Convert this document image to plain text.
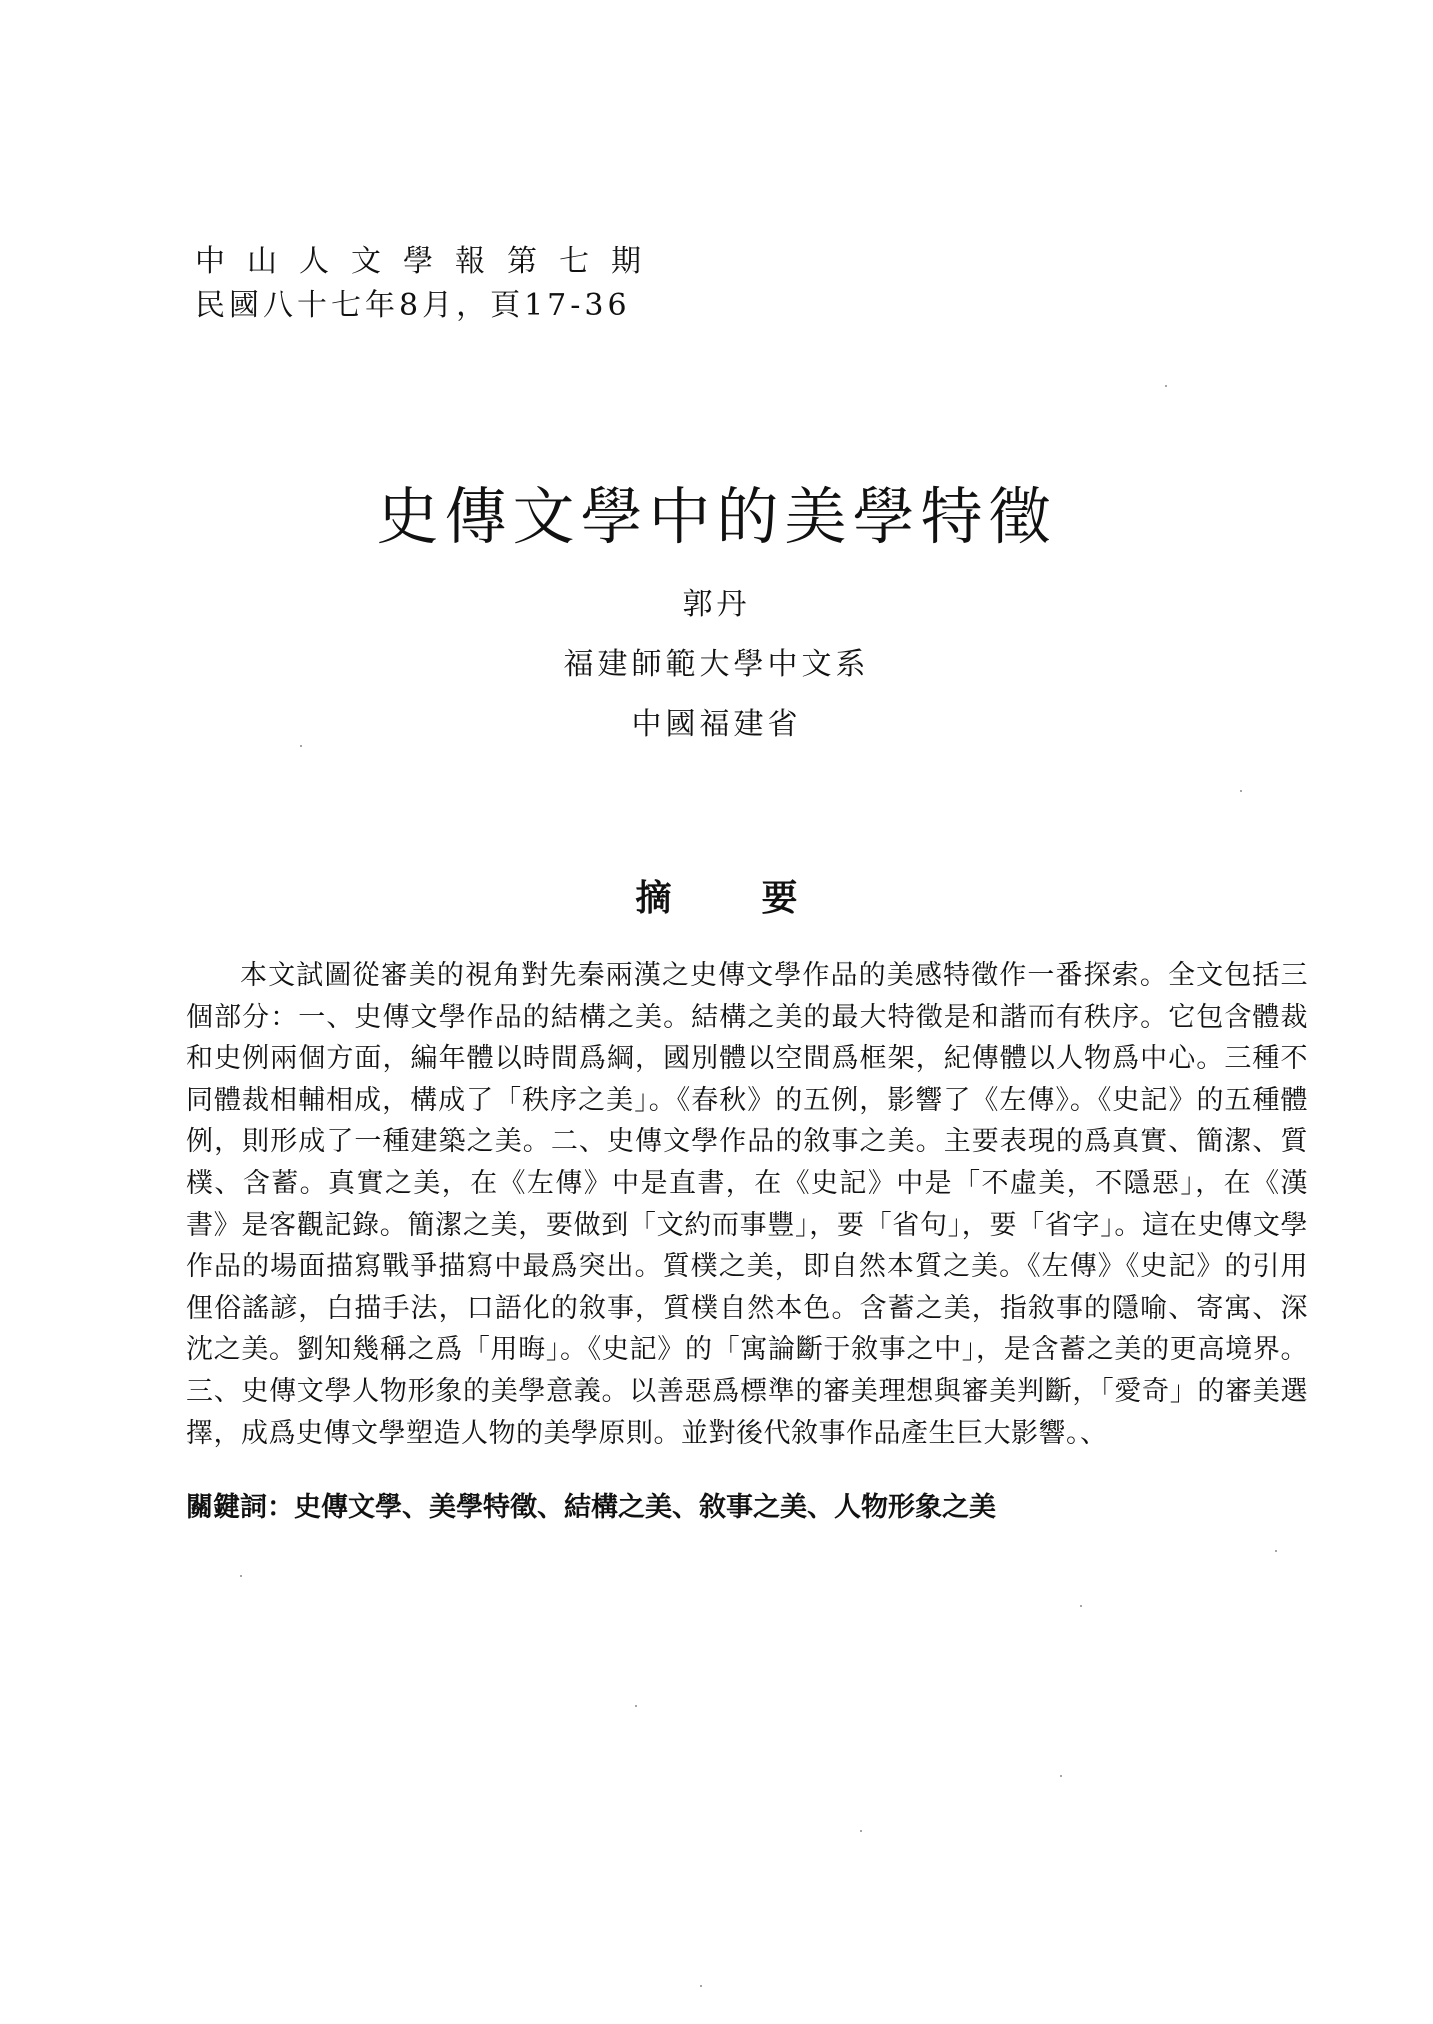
中山人文學報第七期
民國八十七年8月，頁17-36
史傳文學中的美學特徵
郭丹
福建師範大學中文系
中國福建省
摘要

本文試圖從審美的視角對先秦兩漢之史傳文學作品的美感特徵作一番探索。全文包括三個部分：一、史傳文學作品的結構之美。結構之美的最大特徵是和諧而有秩序。它包含體裁和史例兩個方面，編年體以時間爲綱，國別體以空間爲框架，紀傳體以人物爲中心。三種不同體裁相輔相成，構成了「秩序之美」。《春秋》的五例，影響了《左傳》。《史記》的五種體例，則形成了一種建築之美。二、史傳文學作品的敘事之美。主要表現的爲真實、簡潔、質樸、含蓄。真實之美，在《左傳》中是直書，在《史記》中是「不虛美，不隱惡」，在《漢書》是客觀記錄。簡潔之美，要做到「文約而事豐」，要「省句」，要「省字」。這在史傳文學作品的場面描寫戰爭描寫中最爲突出。質樸之美，即自然本質之美。《左傳》《史記》的引用俚俗謠諺，白描手法，口語化的敘事，質樸自然本色。含蓄之美，指敘事的隱喻、寄寓、深沈之美。劉知幾稱之爲「用晦」。《史記》的「寓論斷于敘事之中」，是含蓄之美的更高境界。三、史傳文學人物形象的美學意義。以善惡爲標準的審美理想與審美判斷，「愛奇」的審美選擇，成爲史傳文學塑造人物的美學原則。並對後代敘事作品產生巨大影響。、

關鍵詞：史傳文學、美學特徵、結構之美、敘事之美、人物形象之美
